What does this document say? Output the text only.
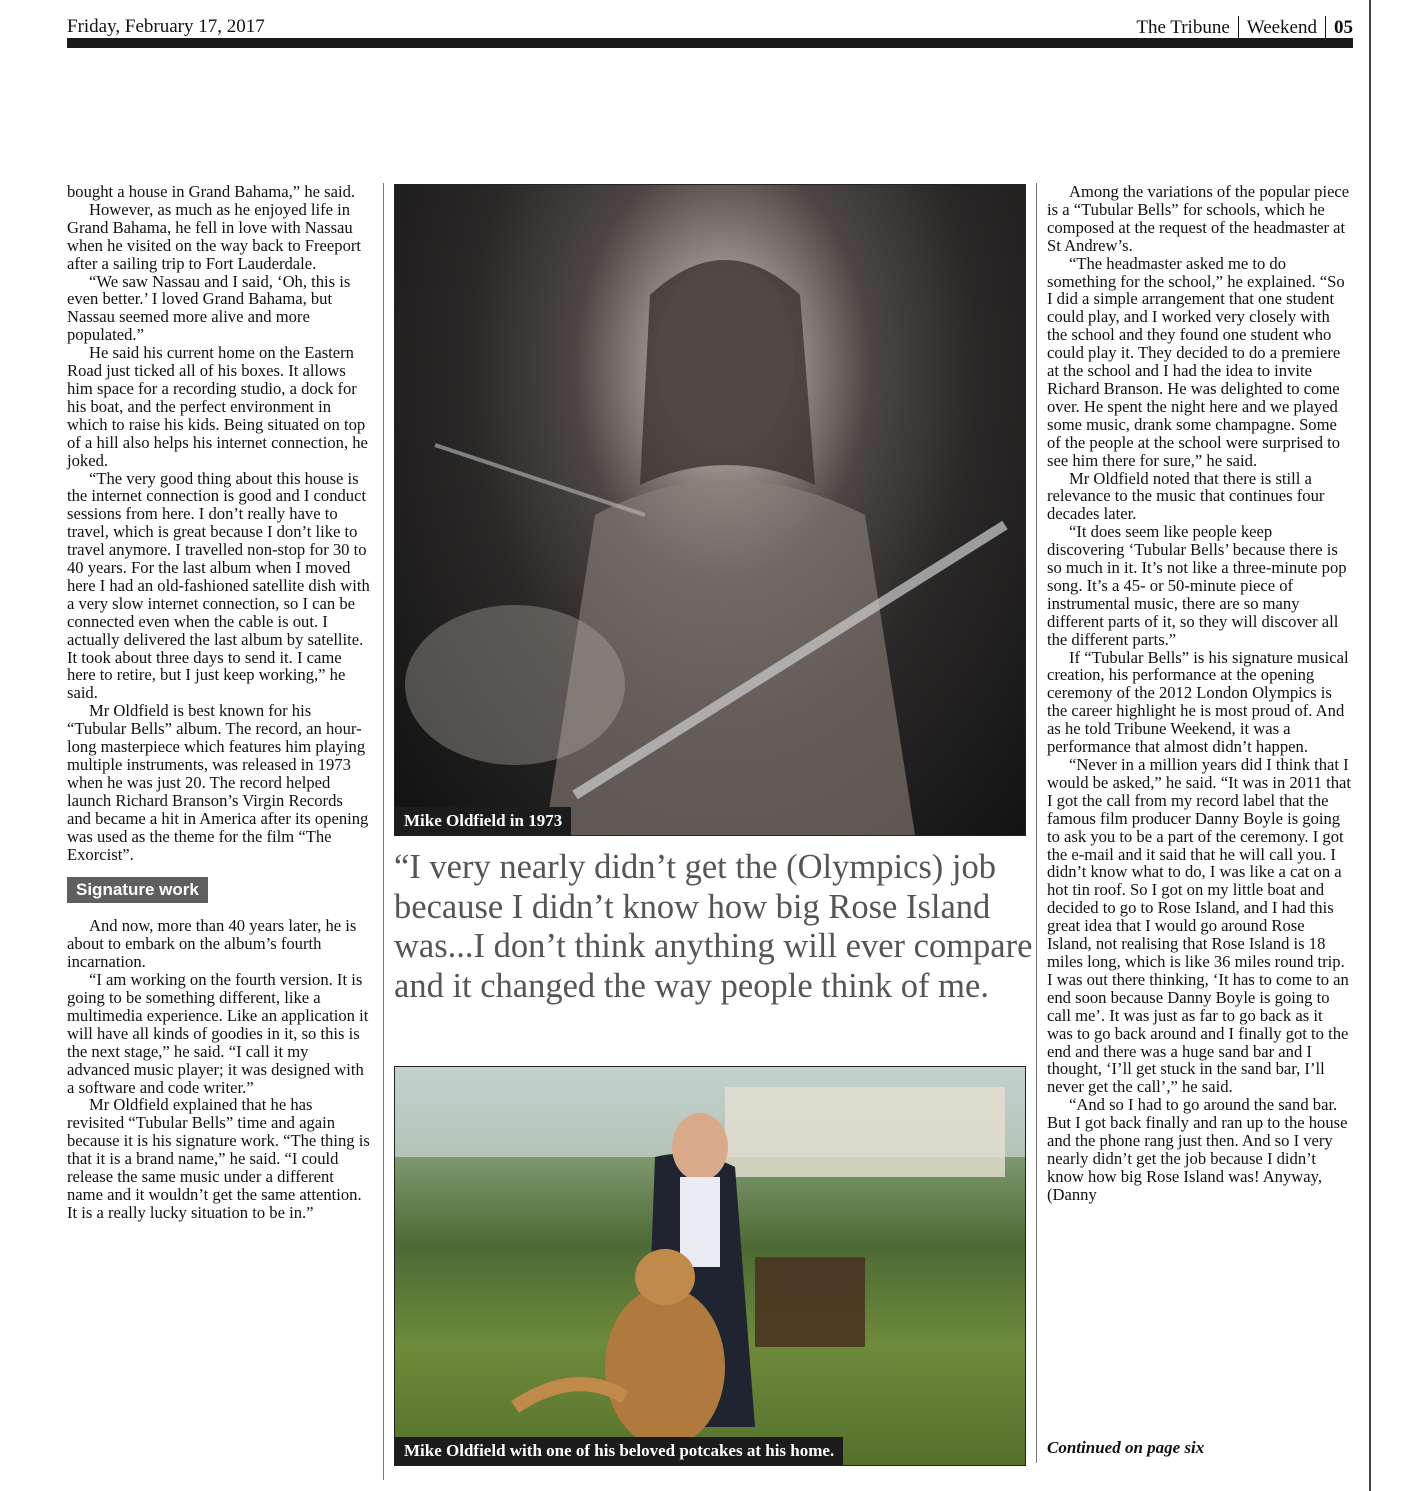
Friday, February 17, 2017	The Tribune Weekend 05

bought a house in Grand Bahama,” he said.

However, as much as he enjoyed life in Grand Bahama, he fell in love with Nassau when he visited on the way back to Freeport after a sailing trip to Fort Lauderdale.

“We saw Nassau and I said, ‘Oh, this is even better.’ I loved Grand Bahama, but Nassau seemed more alive and more populated.”

He said his current home on the Eastern Road just ticked all of his boxes. It allows him space for a recording studio, a dock for his boat, and the perfect environment in which to raise his kids. Being situated on top of a hill also helps his internet connection, he joked.

“The very good thing about this house is the internet connection is good and I conduct sessions from here. I don’t really have to travel, which is great because I don’t like to travel anymore. I travelled non-stop for 30 to 40 years. For the last album when I moved here I had an old-fashioned satellite dish with a very slow internet connection, so I can be connected even when the cable is out. I actually delivered the last album by satellite. It took about three days to send it. I came here to retire, but I just keep working,” he said.

Mr Oldfield is best known for his “Tubular Bells” album. The record, an hour-long masterpiece which features him playing multiple instruments, was released in 1973 when he was just 20. The record helped launch Richard Branson’s Virgin Records and became a hit in America after its opening was used as the theme for the film “The Exorcist”.

Signature work

And now, more than 40 years later, he is about to embark on the album’s fourth incarnation.

“I am working on the fourth version. It is going to be something different, like a multimedia experience. Like an application it will have all kinds of goodies in it, so this is the next stage,” he said. “I call it my advanced music player; it was designed with a software and code writer.”

Mr Oldfield explained that he has revisited “Tubular Bells” time and again because it is his signature work. “The thing is that it is a brand name,” he said. “I could release the same music under a different name and it wouldn’t get the same attention. It is a really lucky situation to be in.”

Mike Oldfield in 1973
“I very nearly didn’t get the (Olympics) job because I didn’t know how big Rose Island was...I don’t think anything will ever compare and it changed the way people think of me.
Mike Oldfield with one of his beloved potcakes at his home.

Among the variations of the popular piece is a “Tubular Bells” for schools, which he composed at the request of the headmaster at St Andrew’s.

“The headmaster asked me to do something for the school,” he explained. “So I did a simple arrangement that one student could play, and I worked very closely with the school and they found one student who could play it. They decided to do a premiere at the school and I had the idea to invite Richard Branson. He was delighted to come over. He spent the night here and we played some music, drank some champagne. Some of the people at the school were surprised to see him there for sure,” he said.

Mr Oldfield noted that there is still a relevance to the music that continues four decades later.

“It does seem like people keep discovering ‘Tubular Bells’ because there is so much in it. It’s not like a three-minute pop song. It’s a 45- or 50-minute piece of instrumental music, there are so many different parts of it, so they will discover all the different parts.”

If “Tubular Bells” is his signature musical creation, his performance at the opening ceremony of the 2012 London Olympics is the career highlight he is most proud of. And as he told Tribune Weekend, it was a performance that almost didn’t happen.

“Never in a million years did I think that I would be asked,” he said. “It was in 2011 that I got the call from my record label that the famous film producer Danny Boyle is going to ask you to be a part of the ceremony. I got the e-mail and it said that he will call you. I didn’t know what to do, I was like a cat on a hot tin roof. So I got on my little boat and decided to go to Rose Island, and I had this great idea that I would go around Rose Island, not realising that Rose Island is 18 miles long, which is like 36 miles round trip. I was out there thinking, ‘It has to come to an end soon because Danny Boyle is going to call me’. It was just as far to go back as it was to go back around and I finally got to the end and there was a huge sand bar and I thought, ‘I’ll get stuck in the sand bar, I’ll never get the call’,” he said.

“And so I had to go around the sand bar. But I got back finally and ran up to the house and the phone rang just then. And so I very nearly didn’t get the job because I didn’t know how big Rose Island was! Anyway, (Danny

Continued on page six
